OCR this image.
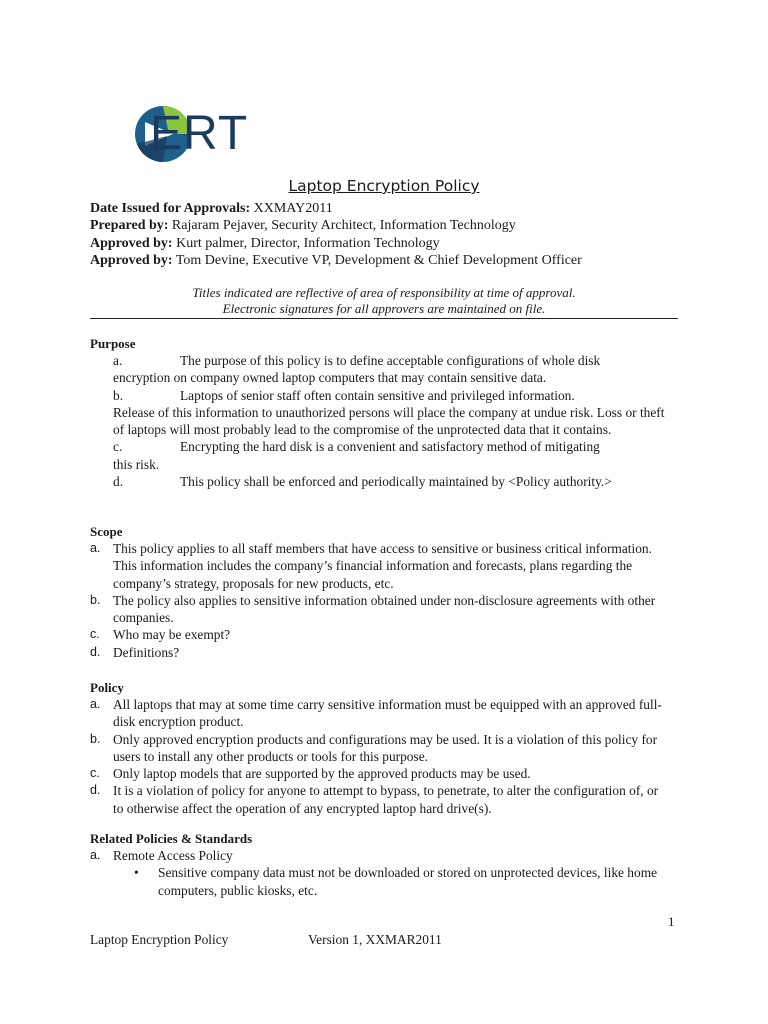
ERT
Laptop Encryption Policy
Date Issued for Approvals: XXMAY2011
Prepared by: Rajaram Pejaver, Security Architect, Information Technology
Approved by: Kurt palmer, Director, Information Technology
Approved by: Tom Devine, Executive VP, Development & Chief Development Officer
Titles indicated are reflective of area of responsibility at time of approval.
Electronic signatures for all approvers are maintained on file.
Purpose
a.	The purpose of this policy is to define acceptable configurations of whole disk
encryption on company owned laptop computers that may contain sensitive data.
b.	Laptops of senior staff often contain sensitive and privileged information.
Release of this information to unauthorized persons will place the company at undue risk. Loss or theft of laptops will most probably lead to the compromise of the unprotected data that it contains.
c.	Encrypting the hard disk is a convenient and satisfactory method of mitigating
this risk.
d.	This policy shall be enforced and periodically maintained by <Policy authority.>
Scope
a. This policy applies to all staff members that have access to sensitive or business critical information. This information includes the company’s financial information and forecasts, plans regarding the company’s strategy, proposals for new products, etc.
b. The policy also applies to sensitive information obtained under non-disclosure agreements with other companies.
c. Who may be exempt?
d. Definitions?
Policy
a. All laptops that may at some time carry sensitive information must be equipped with an approved full-disk encryption product.
b. Only approved encryption products and configurations may be used. It is a violation of this policy for users to install any other products or tools for this purpose.
c. Only laptop models that are supported by the approved products may be used.
d. It is a violation of policy for anyone to attempt to bypass, to penetrate, to alter the configuration of, or to otherwise affect the operation of any encrypted laptop hard drive(s).
Related Policies & Standards
a. Remote Access Policy
• Sensitive company data must not be downloaded or stored on unprotected devices, like home computers, public kiosks, etc.
1
Laptop Encryption Policy	Version 1, XXMAR2011
